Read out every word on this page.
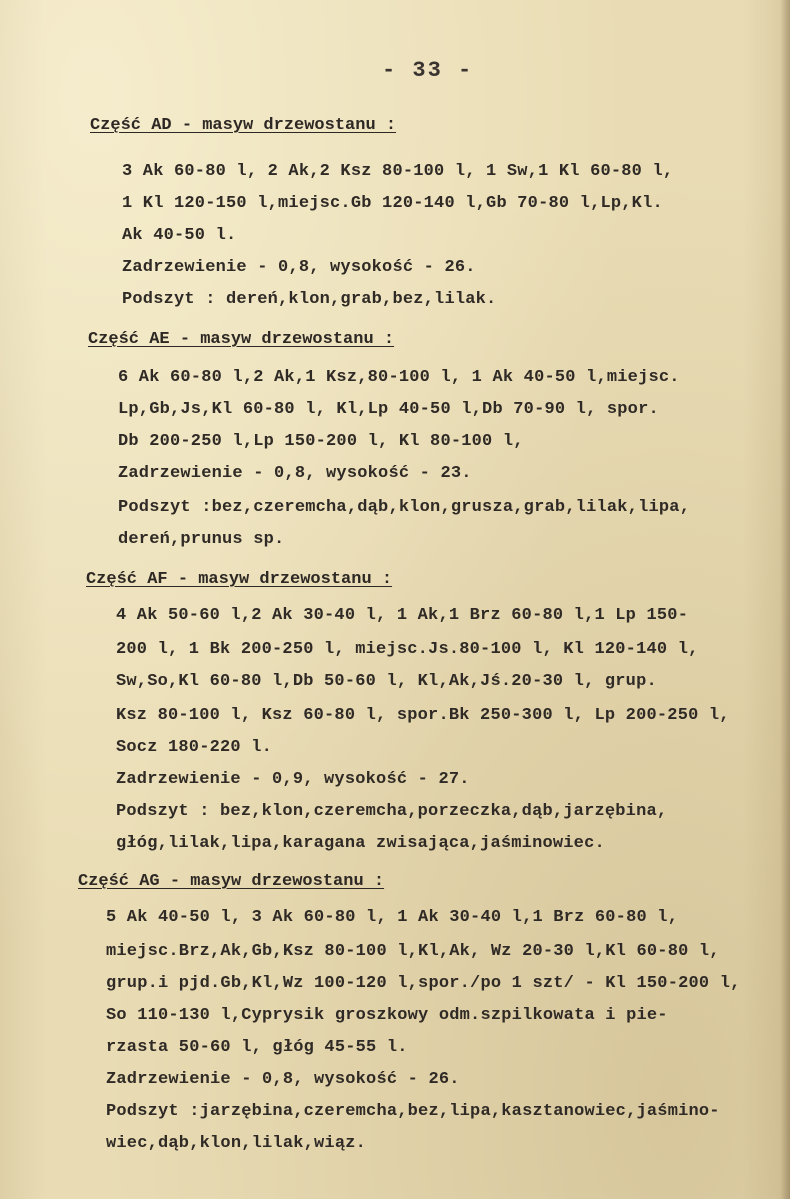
- 33 -
Część AD - masyw drzewostanu :
3 Ak 60-80 l, 2 Ak,2 Ksz 80-100 l, 1 Sw,1 Kl 60-80 l,
1 Kl 120-150 l,miejsc.Gb 120-140 l,Gb 70-80 l,Lp,Kl.
Ak 40-50 l.
Zadrzewienie - 0,8, wysokość - 26.
Podszyt : dereń,klon,grab,bez,lilak.
Część AE - masyw drzewostanu :
6 Ak 60-80 l,2 Ak,1 Ksz,80-100 l, 1 Ak 40-50 l,miejsc.
Lp,Gb,Js,Kl 60-80 l, Kl,Lp 40-50 l,Db 70-90 l, spor.
Db 200-250 l,Lp 150-200 l, Kl 80-100 l,
Zadrzewienie - 0,8, wysokość - 23.
Podszyt :bez,czeremcha,dąb,klon,grusza,grab,lilak,lipa,
dereń,prunus sp.
Część AF - masyw drzewostanu :
4 Ak 50-60 l,2 Ak 30-40 l, 1 Ak,1 Brz 60-80 l,1 Lp 150-
200 l, 1 Bk 200-250 l, miejsc.Js.80-100 l, Kl 120-140 l,
Sw,So,Kl 60-80 l,Db 50-60 l, Kl,Ak,Jś.20-30 l, grup.
Ksz 80-100 l, Ksz 60-80 l, spor.Bk 250-300 l, Lp 200-250 l,
Socz 180-220 l.
Zadrzewienie - 0,9, wysokość - 27.
Podszyt : bez,klon,czeremcha,porzeczka,dąb,jarzębina,
głóg,lilak,lipa,karagana zwisająca,jaśminowiec.
Część AG - masyw drzewostanu :
5 Ak 40-50 l, 3 Ak 60-80 l, 1 Ak 30-40 l,1 Brz 60-80 l,
miejsc.Brz,Ak,Gb,Ksz 80-100 l,Kl,Ak, Wz 20-30 l,Kl 60-80 l,
grup.i pjd.Gb,Kl,Wz 100-120 l,spor./po 1 szt/ - Kl 150-200 l,
So 110-130 l,Cyprysik groszkowy odm.szpilkowata i pie-
rzasta 50-60 l, głóg 45-55 l.
Zadrzewienie - 0,8, wysokość - 26.
Podszyt :jarzębina,czeremcha,bez,lipa,kasztanowiec,jaśmino-
wiec,dąb,klon,lilak,wiąz.
